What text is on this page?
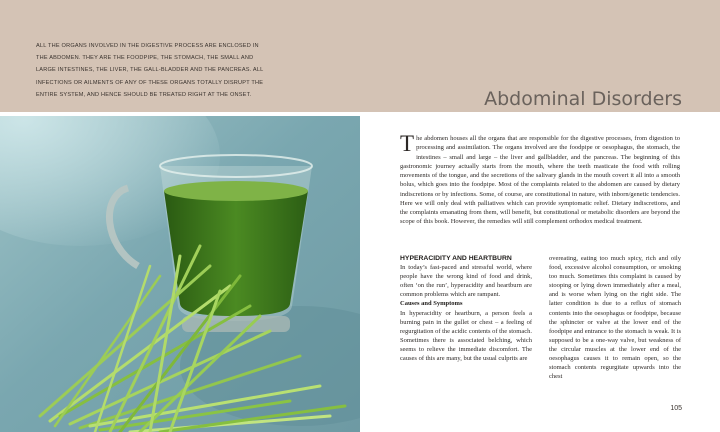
ALL THE ORGANS INVOLVED IN THE DIGESTIVE PROCESS ARE ENCLOSED IN THE ABDOMEN. THEY ARE THE FOODPIPE, THE STOMACH, THE SMALL AND LARGE INTESTINES, THE LIVER, THE GALL-BLADDER AND THE PANCREAS. ALL INFECTIONS OR AILMENTS OF ANY OF THESE ORGANS TOTALLY DISRUPT THE ENTIRE SYSTEM, AND HENCE SHOULD BE TREATED RIGHT AT THE ONSET.	Abdominal Disorders

The abdomen houses all the organs that are responsible for the digestive processes, from digestion to processing and assimilation. The organs involved are the foodpipe or oesophagus, the stomach, the intestines – small and large – the liver and gallbladder, and the pancreas. The beginning of this gastronomic journey actually starts from the mouth, where the teeth masticate the food with rolling movements of the tongue, and the secretions of the salivary glands in the mouth covert it all into a smooth bolus, which goes into the foodpipe. Most of the complaints related to the abdomen are caused by dietary indiscretions or by infections. Some, of course, are constitutional in nature, with inborn/genetic tendencies. Here we will only deal with palliatives which can provide symptomatic relief. Dietary indiscretions, and the complaints emanating from them, will benefit, but constitutional or metabolic disorders are beyond the scope of this book. However, the remedies will still complement orthodox medical treatment.

HYPERACIDITY AND HEARTBURN

In today’s fast-paced and stressful world, where people have the wrong kind of food and drink, often ‘on the run’, hyperacidity and heartburn are common problems which are rampant.

Causes and Symptoms

In hyperacidity or heartburn, a person feels a burning pain in the gullet or chest – a feeling of regurgitation of the acidic contents of the stomach. Sometimes there is associated belching, which seems to relieve the immediate discomfort. The causes of this are many, but the usual culprits are

overeating, eating too much spicy, rich and oily food, excessive alcohol consumption, or smoking too much. Sometimes this complaint is caused by stooping or lying down immediately after a meal, and is worse when lying on the right side. The latter condition is due to a reflux of stomach contents into the oesophagus or foodpipe, because the sphincter or valve at the lower end of the foodpipe and entrance to the stomach is weak. It is supposed to be a one-way valve, but weakness of the circular muscles at the lower end of the oesophagus causes it to remain open, so the stomach contents regurgitate upwards into the chest

105
